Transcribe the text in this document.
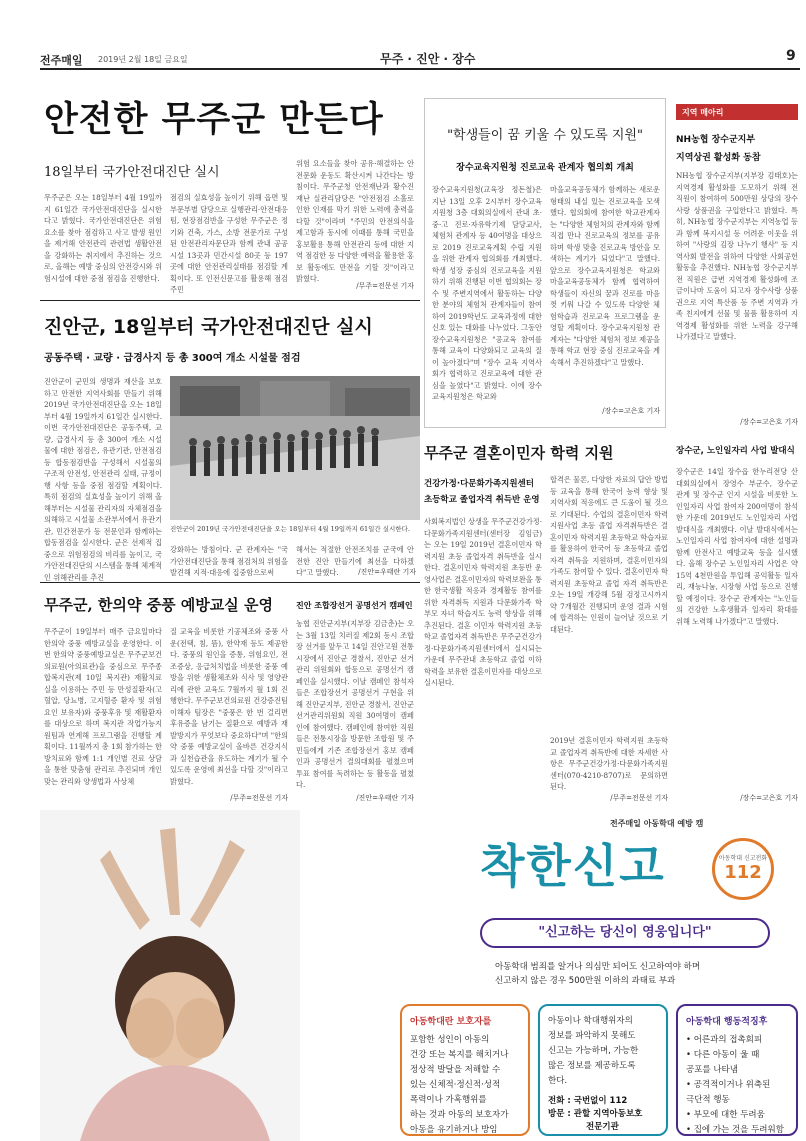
전주매일 2019년 2월 18일 금요일	무주 · 진안 · 장수	9
안전한 무주군 만든다
18일부터 국가안전대진단 실시
무주군은 오는 18일부터 4월 19일까지 61일간 국가안전대진단을 실시한다고 밝혔다. 국가안전대진단은 위험요소를 찾아 점검하고 사고 발생 원인을 제거해 안전관리 관련법 생활안전을 강화하는 취지에서 추진하는 것으로, 올해는 예방 중심의 안전강시와 위험시설에 대한 중점 점검을 진행한다.
점검의 실효성을 높이기 위해 읍면 및 부문부별 담당으로 실행관리·안전대응팀, 현장점검반을 구성한 무주군은 정기와 건축, 가스, 소방 전문가로 구성된 안전관리자문단과 함께 관내 공공시설 13곳과 민간시설 80곳 등 197곳에 대한 안전관리실태를 점검할 계획이다. 또 인전신문고를 활용해 점검주민
위험 요소들을 찾아 공유·해결하는 안전문화 운동도 확산시켜 나간다는 방침이다. 무주군청 안전재난과 황수진 재난 실관리담당은 "안전점검 소홀로 인한 인재를 막기 위한 노력에 총력을 다할 것"이라며 "주민의 안전의식을 제고함과 동시에 이때를 통해 국민을 홍보활용 통해 안전관리 등에 대한 지역 점검한 등 다양한 예력을 활용한 홍보 활동에도 만전을 기할 것"이라고 밝혔다.
/무주=전문선 기자
진안군, 18일부터 국가안전대진단 실시
공동주택 · 교량 · 급경사지 등 총 300여 개소 시설물 점검
진안군이 군민의 생명과 재산을 보호하고 안전한 지역사회를 만들기 위해 2019년 국가안전대진단을 오는 18일부터 4월 19일까지 61일간 실시한다. 이번 국가안전대진단은 공동주택, 교량, 급경사지 등 총 300여 개소 시설물에 대한 점검은, 유관기관, 안전점검 등 합동점검반을 구성해서 시설물의 구조적 안전성, 안전관리 실태, 규정이행 사항 등을 중점 점검할 계획이다. 특히 점검의 실효성을 높이기 위해 올해부터는 시설물 관리자의 자체점검을 의해하고 시설물 소관부서에서 유관기관, 민간전문가 등 전문인과 함께하는 합동점검을 실시한다. 군은 선제적 집중으로 위험점검의 비리를 높이고, 국가안전대진단의 시스템을 통해 체계적인 위해관리를 추진
진안군이 2019년 국가안전대진단을 오는 18일부터 4월 19일까지 61일간 실시한다.
강화하는 방침이다. 군 관계자는 "국가안전대진단을 통해 점검처의 위험을 발견해 지적·대응에 집중함으로써
해서는 적절한 안전조치를 군국에 안전한 진안 만들기에 최선을 다하겠다"고 말했다.	/진안=우태란 기자
무주군, 한의약 중풍 예방교실 운영
무주군이 19일부터 매주 금요일마다 한의약 중풍 예방교실을 운영한다. 이번 한의약 중풍예방교실은 무주군보건의료원(아의료관)을 중심으로 무주종합복지관(제 10일 복지관) 재활치료실을 이용하는 주민 등 만성질환자(고혈압, 당뇨병, 고지혈증 환자 및 위험요인 보유자)와 중풍후유 및 재활환자를 대상으로 하며 복지관 작업가능지원팀과 연계해 프로그램을 진행할 계획이다. 11월까지 총 1회 참가하는 한방치료와 함께 1:1 개인별 진료 상담을 통한 맞춤형 관리로 추진되며 개인 맞는 관리와 양생법과 사상체
질 교육을 비롯한 기공체조와 중풍 사운(전택, 침, 뜸), 한약재 등도 제공한다. 중풍의 원인을 증통, 위험요인, 전조증상, 응급처치법을 비롯한 중풍 예방을 위한 생활체조와 식사 및 영양관리에 관한 교육도 7월까지 월 1회 진행한다. 무주군보건의료원 건강증진팀 이해자 팀장은 "중풍은 한 번 걸리면 후유증을 남기는 질환으로 예방과 재발방지가 무엇보다 중요하다"며 "한의약 중풍 예방교실이 올바른 건강지식과 실천습관을 유도하는 계기가 될 수 있도록 운영에 최선을 다할 것"이라고 밝혔다.
/무주=전문선 기자
진안 조합장선거 공명선거 캠페인
농협 진안군지부(지부장 김금춘)는 오는 3월 13일 치러질 제2회 동시 조합장 선거를 앞두고 14일 진안고원 전통시장에서 진안군 경찰서, 진안군 선거관리 위원회와 합동으로 공명선거 캠페인을 실시했다. 이날 캠페인 참석자들은 조합장선거 공명선거 구현을 위해 진안군지부, 진안군 경찰서, 진안군 선거관리위원회 직원 30여명이 캠페인에 참여했다. 캠페인에 참여한 직원들은 전통시장을 방문한 조합원 및 주민들에게 기존 조합장선거 홍보 캠페인과 공명선거 결의대회를 펼쳤으며 투표 참여를 독려하는 등 활동을 펼쳤다.
/진안=우태란 기자
"학생들이 꿈 키울 수 있도록 지원"
장수교육지원청 진로교육 관계자 협의회 개최
장수교육지원청(교육장 정돈철)은 지난 13일 오후 2시부터 장수교육지원청 3층 대회의실에서 관내 초·중·고 진로·자유학기제 담당교사, 체험처 관계자 등 40여명을 대상으로 2019 진로교육계획 수립 지원을 위한 관계자 협의회를 개최했다. 학생 성장 중심의 진로교육을 지원하기 위해 진행된 이번 협의회는 장수 및 주변지역에서 활동하는 다양한 분야의 체험처 관계자들이 참여하여 2019학년도 교육과정에 대한 신호 있는 대화를 나누었다. 그동안 장수교육지원청은 "공교육 참여를 통해 교육이 다양화되고 교육의 질이 높아졌다"며 "장수 교육 지역사회가 협력하고 진로교육에 대한 관심을 높였다"고 밝혔다. 이에 장수교육지원청은 학교와
마을교육공동체가 함께하는 새로운 형태의 내실 있는 진로교육을 모색했다. 협의회에 참여한 학교관계자는 "다양한 체험처의 관계자와 함께 직접 만나 진로교육의 정보를 공유하며 학생 맞춤 진로교육 방안을 모색하는 계기가 되었다"고 말했다. 앞으로 장수교육지원청은 학교와 마을교육공동체가 함께 협력하여 학생들이 자신의 꿈과 진로를 마음껏 키워 나갈 수 있도록 다양한 체험학습과 진로교육 프로그램을 운영할 계획이다. 장수교육지원청 관계자는 "다양한 체험처 정보 제공을 통해 학교 현장 중심 진로교육을 계속해서 추진하겠다"고 말했다.
/장수=고은호 기자
지역 매아리
NH농협 장수군지부
지역상권 활성화 동참
NH농협 장수군지부(지부장 김태호)는 지역경제 활성화를 도모하기 위해 전 직원이 참여하여 500만원 상당의 장수사랑 상품권을 구입한다고 밝혔다. 특히, NH농협 장수군지부는 지역농업 등과 함께 복지시설 등 어려운 이웃을 위하여 "사랑의 김장 나누기 행사" 등 지역사회 발전을 위하여 다양한 사회공헌 활동을 추진했다. NH농협 장수군지부 전 직원은 급변 지역경제 활성화에 조금이나마 도움이 되고자 장수사랑 상품권으로 지역 특산품 등 주변 지역과 가족 친지에게 선물 및 물품 활용하여 지역경제 활성화를 위한 노력을 강구해 나가겠다고 말했다.
/장수=고은호 기자
무주군 결혼이민자 학력 지원
건강가정·다문화가족지원센터
초등학교 졸업자격 취득반 운영
사회복지법인 상생을 무주군건강가정·다문화가족지원센터(센터장 김임금)는 오는 19일 2019년 결혼이민자 학력지원 초등 졸업자격 취득반을 실시한다. 결혼이민자 학력지원 초등반 운영사업은 결혼이민자의 학력보완을 통한 한국생활 적응과 경제활동 참여를 위한 자격취득 지원과 다문화가족 학부모 자녀 학습지도 능력 향상을 위해 추진된다. 결혼 이민자 학력지원 초등학교 졸업자격 취득반은 무주군건강가정·다문화가족지원센터에서 실시되는 가운데 무주관내 초등학교 졸업 이하 학력을 보유한 결혼이민자를 대상으로 실시된다.
합격은 물론, 다양한 자료의 답안 방법 등 교육을 통해 한국어 능력 향상 및 지역사회 적응에도 큰 도움이 될 것으로 기대된다. 수업의 결혼이민자 학력지원사업 초등 졸업 자격취득반은 결혼이민자 학력지원 초등학교 학습자료를 활용하여 한국어 등 초등학교 졸업 자격 취득을 지원하며, 결혼이민자의 가족도 참여할 수 있다. 결혼이민자 학력지원 초등학교 졸업 자격 취득반은 오는 19일 개강해 5월 검정고시까지 약 7개월간 진행되며 운영 결과 시험에 합격하는 인원이 늘어날 것으로 기대된다.
2019년 결혼이민자 학력지원 초등학교 졸업자격 취득반에 대한 자세한 사항은 무주군건강가정·다문화가족지원센터(070-4210-8707)로 문의하면 된다.
/무주=전문선 기자
장수군, 노인일자리 사업 발대식
장수군은 14일 장수읍 한누리전당 산대회의실에서 장영수 부군수, 장수군 관계 및 장수군 인지 시설을 비롯한 노인일자리 사업 참여자 200여명이 참석한 가운데 2019년도 노인일자리 사업 발대식을 개최했다. 이날 발대식에서는 노인일자리 사업 참여자에 대한 설명과 함께 안전사고 예방교육 등을 실시했다. 올해 장수군 노인일자리 사업은 약 15억 4천만원을 투입해 공익활동 일자리, 재능나눔, 시장형 사업 등으로 진행할 예정이다. 장수군 관계자는 "노인들의 건강한 노후생활과 일자리 확대를 위해 노력해 나가겠다"고 말했다.
/장수=고은호 기자
전주매일 아동학대 예방 캠
착한신고	아동학대 신고전화
112
"신고하는 당신이 영웅입니다"
아동학대 범죄를 알거나 의심만 되어도 신고하여야 하며
신고하지 않은 경우 500만원 이하의 과태료 부과
아동학대란 보호자를
포함한 성인이 아동의
건강 또는 복지를 해치거나
정상적 발달을 저해할 수
있는 신체적·정신적·성적
폭력이나 가혹행위를
하는 것과 아동의 보호자가
아동을 유기하거나 방임
아동이나 학대행위자의
정보를 파악하지 못해도
신고는 가능하며, 가능한
많은 정보를 제공하도록
한다.
전화 : 국번없이 112
방문 : 관할 지역아동보호
전문기관
아동학대 행동적징후
• 어른과의 접촉회피
• 다른 아동이 울 때
공포를 나타냄
• 공격적이거나 위축된
극단적 행동
• 부모에 대한 두려움
• 집에 가는 것을 두려워함
